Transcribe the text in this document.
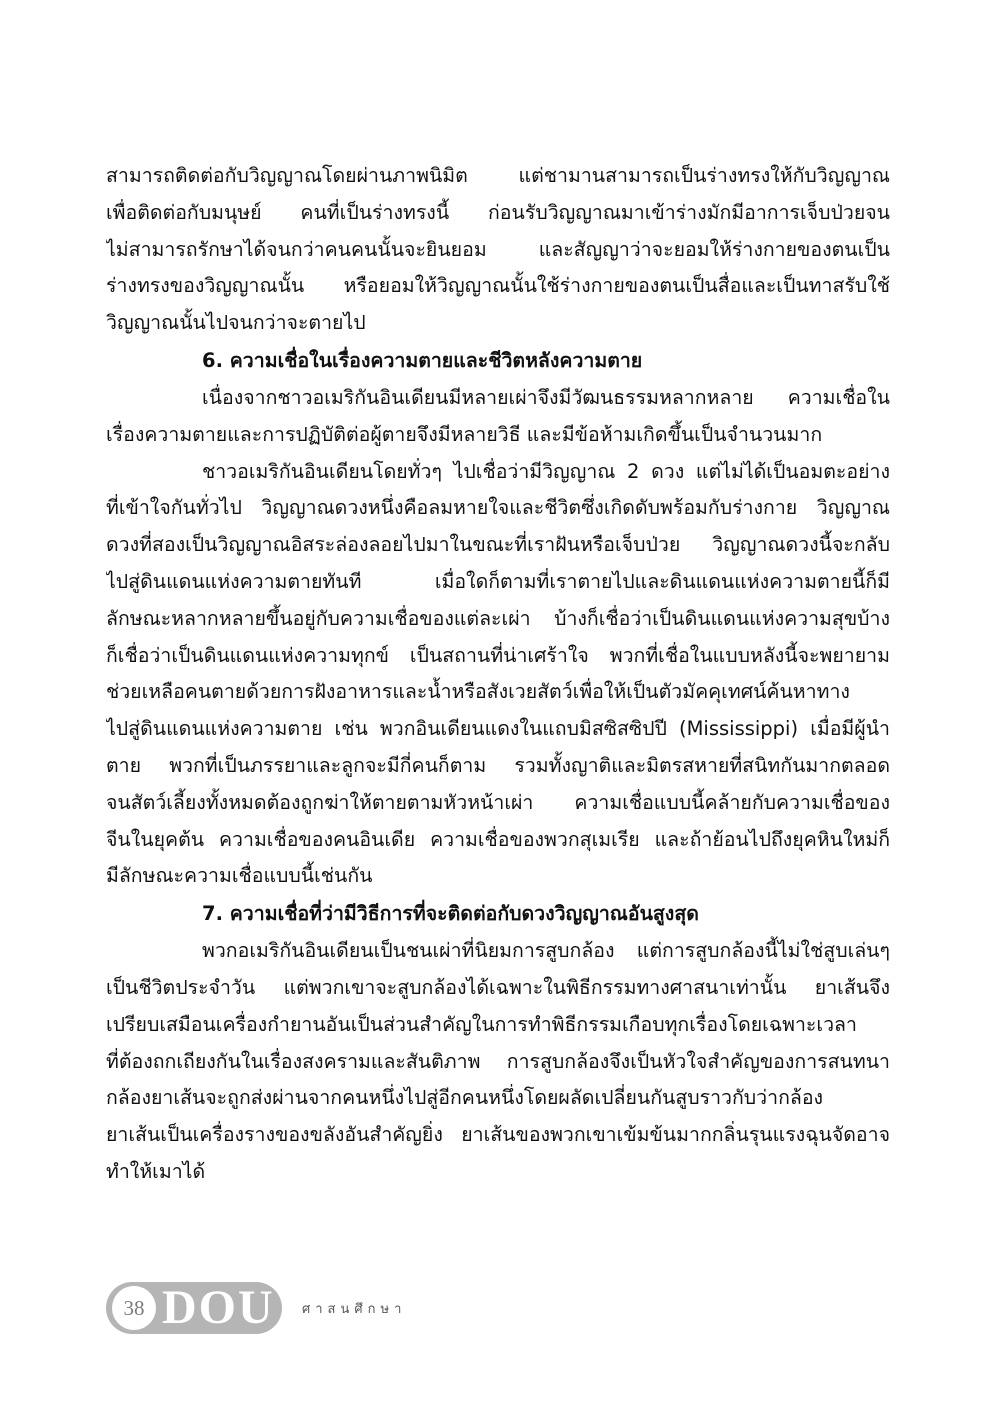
สามารถติดต่อกับวิญญาณโดยผ่านภาพนิมิต แต่ชามานสามารถเป็นร่างทรงให้กับวิญญาณ
เพื่อติดต่อกับมนุษย์ คนที่เป็นร่างทรงนี้ ก่อนรับวิญญาณมาเข้าร่างมักมีอาการเจ็บป่วยจน
ไม่สามารถรักษาได้จนกว่าคนคนนั้นจะยินยอม และสัญญาว่าจะยอมให้ร่างกายของตนเป็น
ร่างทรงของวิญญาณนั้น หรือยอมให้วิญญาณนั้นใช้ร่างกายของตนเป็นสื่อและเป็นทาสรับใช้
วิญญาณนั้นไปจนกว่าจะตายไป
6. ความเชื่อในเรื่องความตายและชีวิตหลังความตาย
เนื่องจากชาวอเมริกันอินเดียนมีหลายเผ่าจึงมีวัฒนธรรมหลากหลาย ความเชื่อใน
เรื่องความตายและการปฏิบัติต่อผู้ตายจึงมีหลายวิธี และมีข้อห้ามเกิดขึ้นเป็นจำนวนมาก
ชาวอเมริกันอินเดียนโดยทั่วๆ ไปเชื่อว่ามีวิญญาณ 2 ดวง แต่ไม่ได้เป็นอมตะอย่าง
ที่เข้าใจกันทั่วไป วิญญาณดวงหนึ่งคือลมหายใจและชีวิตซึ่งเกิดดับพร้อมกับร่างกาย วิญญาณ
ดวงที่สองเป็นวิญญาณอิสระล่องลอยไปมาในขณะที่เราฝันหรือเจ็บป่วย วิญญาณดวงนี้จะกลับ
ไปสู่ดินแดนแห่งความตายทันที เมื่อใดก็ตามที่เราตายไปและดินแดนแห่งความตายนี้ก็มี
ลักษณะหลากหลายขึ้นอยู่กับความเชื่อของแต่ละเผ่า บ้างก็เชื่อว่าเป็นดินแดนแห่งความสุขบ้าง
ก็เชื่อว่าเป็นดินแดนแห่งความทุกข์ เป็นสถานที่น่าเศร้าใจ พวกที่เชื่อในแบบหลังนี้จะพยายาม
ช่วยเหลือคนตายด้วยการฝังอาหารและน้ำหรือสังเวยสัตว์เพื่อให้เป็นตัวมัคคุเทศน์ค้นหาทาง
ไปสู่ดินแดนแห่งความตาย เช่น พวกอินเดียนแดงในแถบมิสซิสซิปปี (Mississippi) เมื่อมีผู้นำ
ตาย พวกที่เป็นภรรยาและลูกจะมีกี่คนก็ตาม รวมทั้งญาติและมิตรสหายที่สนิทกันมากตลอด
จนสัตว์เลี้ยงทั้งหมดต้องถูกฆ่าให้ตายตามหัวหน้าเผ่า ความเชื่อแบบนี้คล้ายกับความเชื่อของ
จีนในยุคต้น ความเชื่อของคนอินเดีย ความเชื่อของพวกสุเมเรีย และถ้าย้อนไปถึงยุคหินใหม่ก็
มีลักษณะความเชื่อแบบนี้เช่นกัน
7. ความเชื่อที่ว่ามีวิธีการที่จะติดต่อกับดวงวิญญาณอันสูงสุด
พวกอเมริกันอินเดียนเป็นชนเผ่าที่นิยมการสูบกล้อง แต่การสูบกล้องนี้ไม่ใช่สูบเล่นๆ
เป็นชีวิตประจำวัน แต่พวกเขาจะสูบกล้องได้เฉพาะในพิธีกรรมทางศาสนาเท่านั้น ยาเส้นจึง
เปรียบเสมือนเครื่องกำยานอันเป็นส่วนสำคัญในการทำพิธีกรรมเกือบทุกเรื่องโดยเฉพาะเวลา
ที่ต้องถกเถียงกันในเรื่องสงครามและสันติภาพ การสูบกล้องจึงเป็นหัวใจสำคัญของการสนทนา
กล้องยาเส้นจะถูกส่งผ่านจากคนหนึ่งไปสู่อีกคนหนึ่งโดยผลัดเปลี่ยนกันสูบราวกับว่ากล้อง
ยาเส้นเป็นเครื่องรางของขลังอันสำคัญยิ่ง ยาเส้นของพวกเขาเข้มข้นมากกลิ่นรุนแรงฉุนจัดอาจ
ทำให้เมาได้
38 DOU ศาสนศึกษา
